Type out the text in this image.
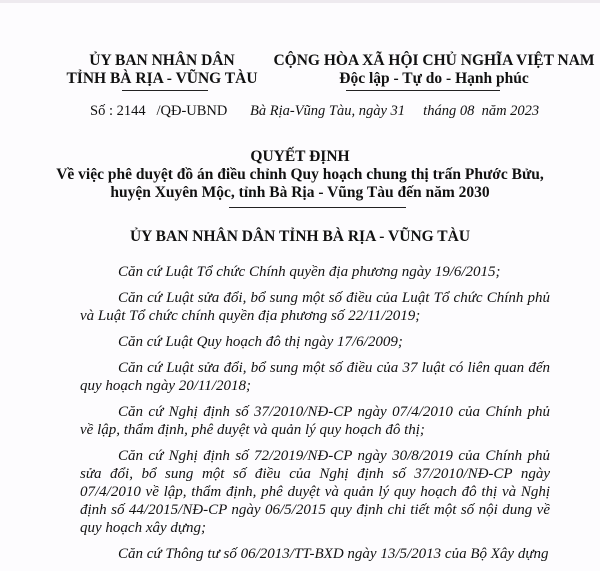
ỦY BAN NHÂN DÂN
TỈNH BÀ RỊA - VŨNG TÀU
CỘNG HÒA XÃ HỘI CHỦ NGHĨA VIỆT NAM
Độc lập - Tự do - Hạnh phúc
Số : 2144   /QĐ-UBND Bà Rịa-Vũng Tàu, ngày 31     tháng 08  năm 2023
QUYẾT ĐỊNH
Về việc phê duyệt đồ án điều chỉnh Quy hoạch chung thị trấn Phước Bửu,
huyện Xuyên Mộc, tỉnh Bà Rịa - Vũng Tàu đến năm 2030
ỦY BAN NHÂN DÂN TỈNH BÀ RỊA - VŨNG TÀU

Căn cứ Luật Tổ chức Chính quyền địa phương ngày 19/6/2015;

Căn cứ Luật sửa đổi, bổ sung một số điều của Luật Tổ chức Chính phủ và Luật Tổ chức chính quyền địa phương số 22/11/2019;

Căn cứ Luật Quy hoạch đô thị ngày 17/6/2009;

Căn cứ Luật sửa đổi, bổ sung một số điều của 37 luật có liên quan đến quy hoạch ngày 20/11/2018;

Căn cứ Nghị định số 37/2010/NĐ-CP ngày 07/4/2010 của Chính phủ về lập, thẩm định, phê duyệt và quản lý quy hoạch đô thị;

Căn cứ Nghị định số 72/2019/NĐ-CP ngày 30/8/2019 của Chính phủ sửa đổi, bổ sung một số điều của Nghị định số 37/2010/NĐ-CP ngày 07/4/2010 về lập, thẩm định, phê duyệt và quản lý quy hoạch đô thị và Nghị định số 44/2015/NĐ-CP ngày 06/5/2015 quy định chi tiết một số nội dung về quy hoạch xây dựng;

Căn cứ Thông tư số 06/2013/TT-BXD ngày 13/5/2013 của Bộ Xây dựng
